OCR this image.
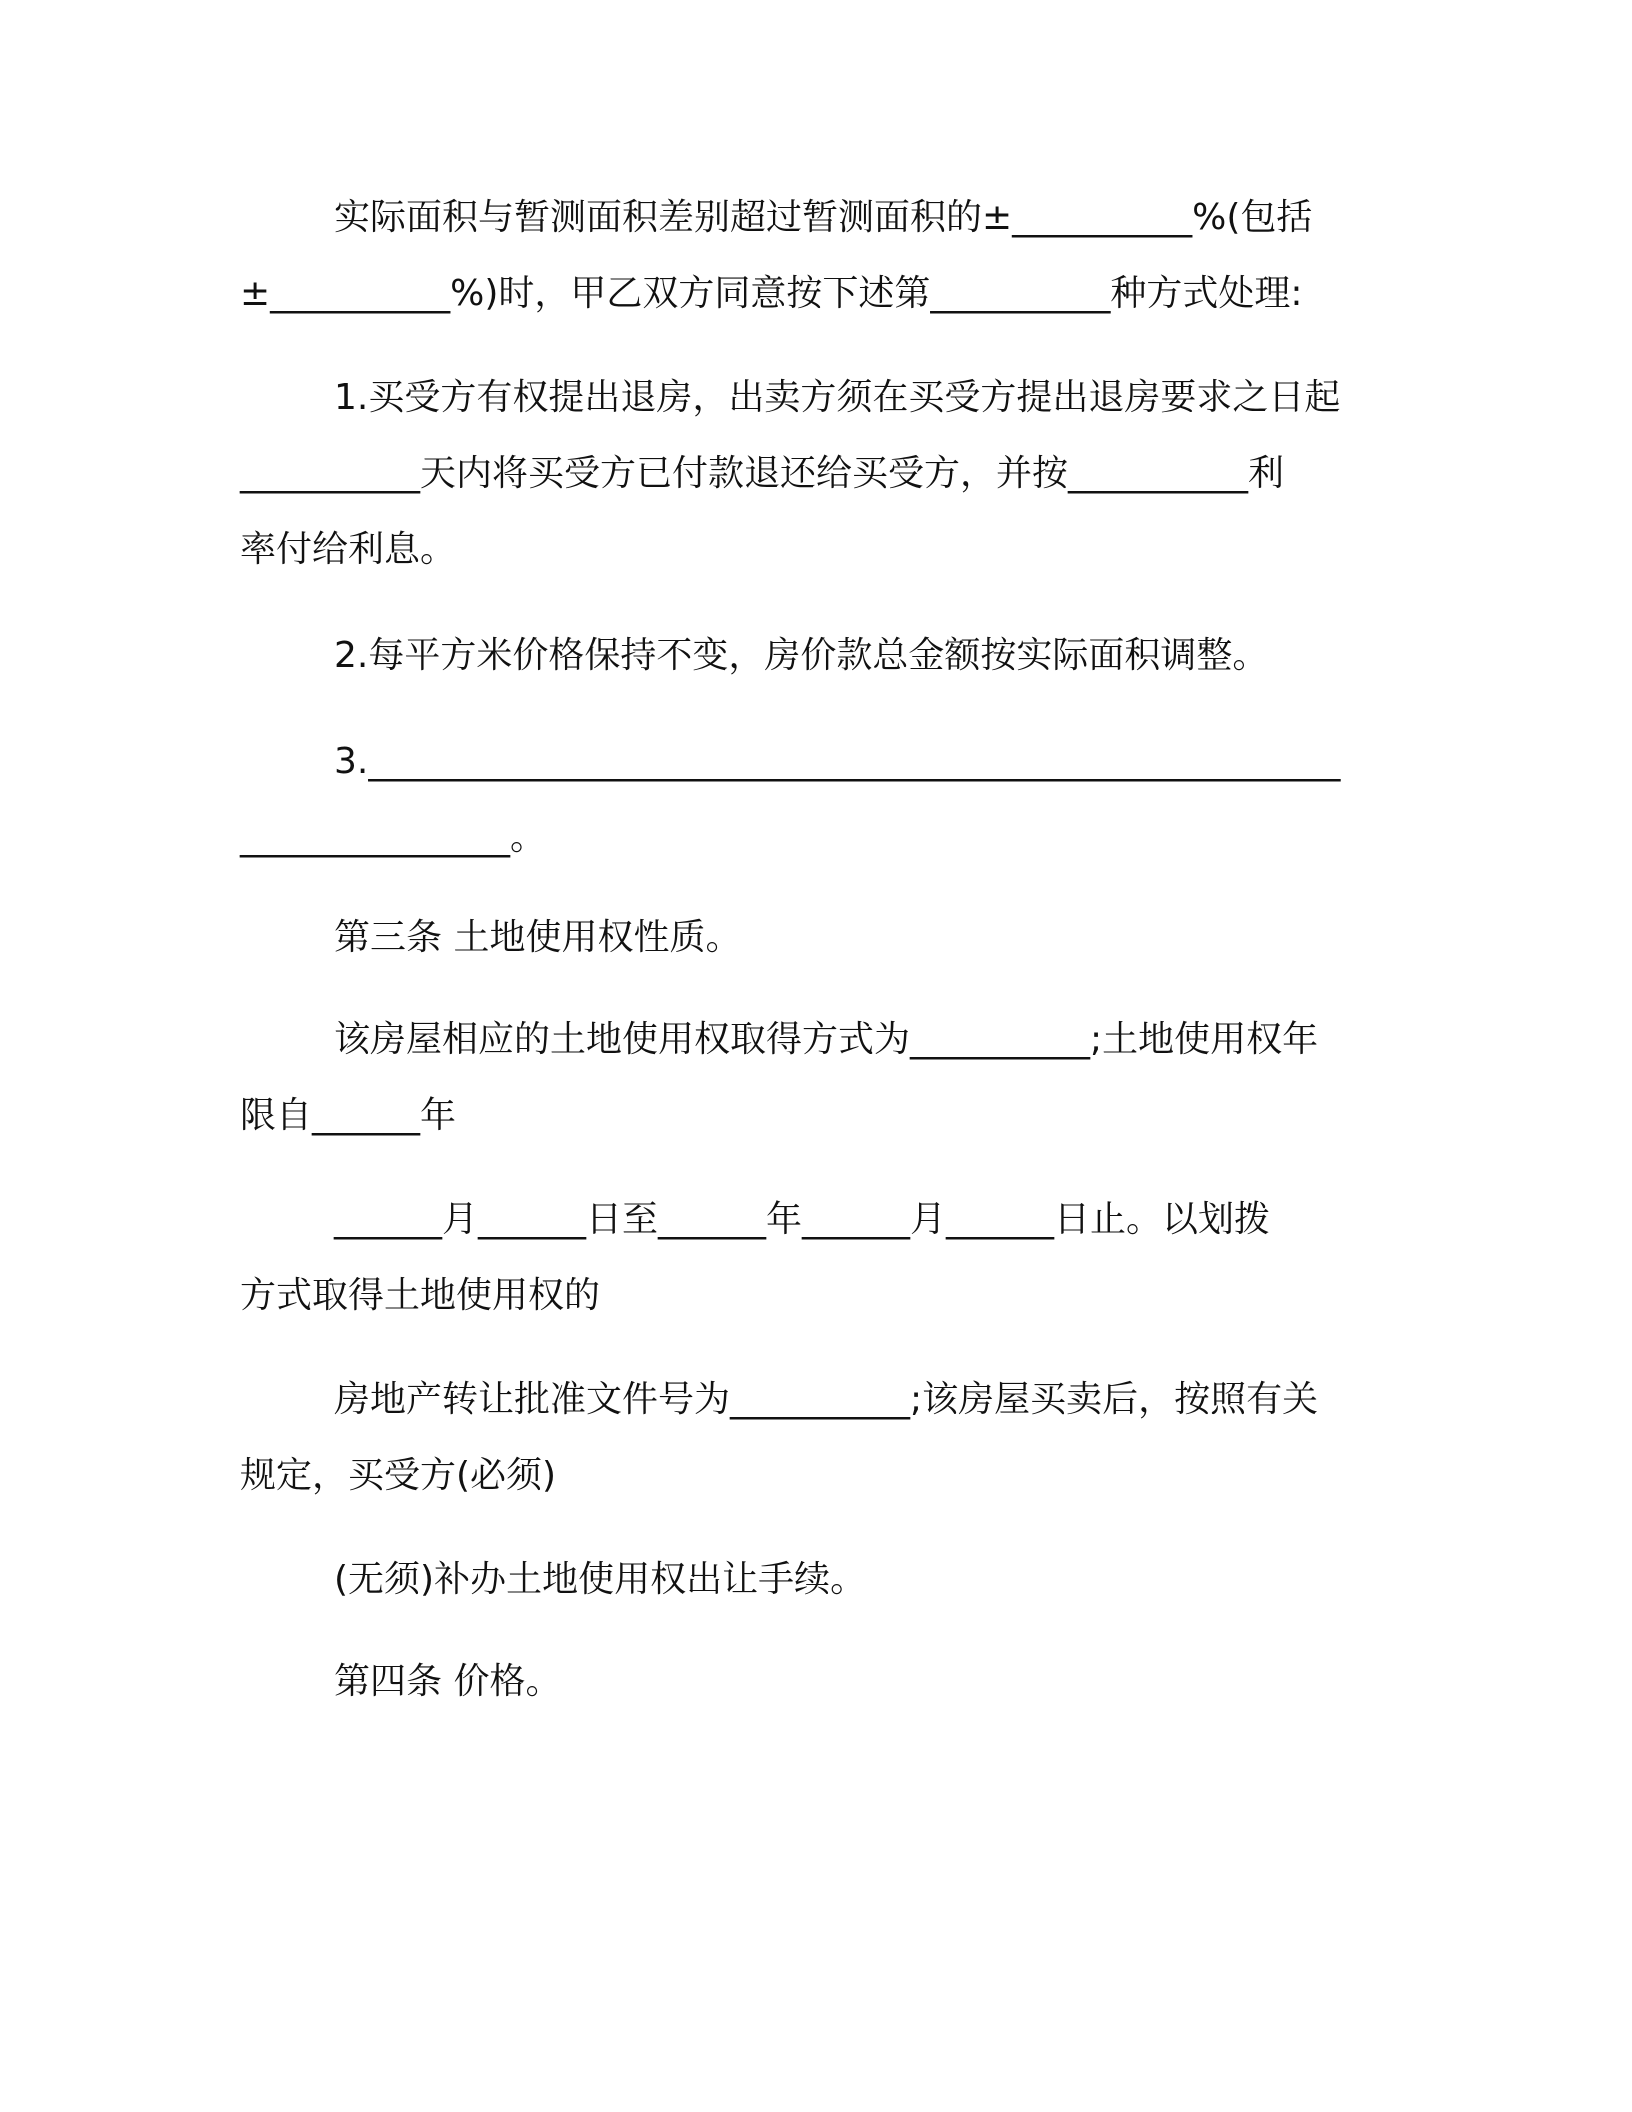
实际面积与暂测面积差别超过暂测面积的±__________%(包括
±__________%)时，甲乙双方同意按下述第__________种方式处理:
1.买受方有权提出退房，出卖方须在买受方提出退房要求之日起
__________天内将买受方已付款退还给买受方，并按__________利
率付给利息。
2.每平方米价格保持不变，房价款总金额按实际面积调整。
3.______________________________________________________
_______________。
第三条 土地使用权性质。
该房屋相应的土地使用权取得方式为__________;土地使用权年
限自______年
______月______日至______年______月______日止。以划拨
方式取得土地使用权的
房地产转让批准文件号为__________;该房屋买卖后，按照有关
规定，买受方(必须)
(无须)补办土地使用权出让手续。
第四条 价格。
